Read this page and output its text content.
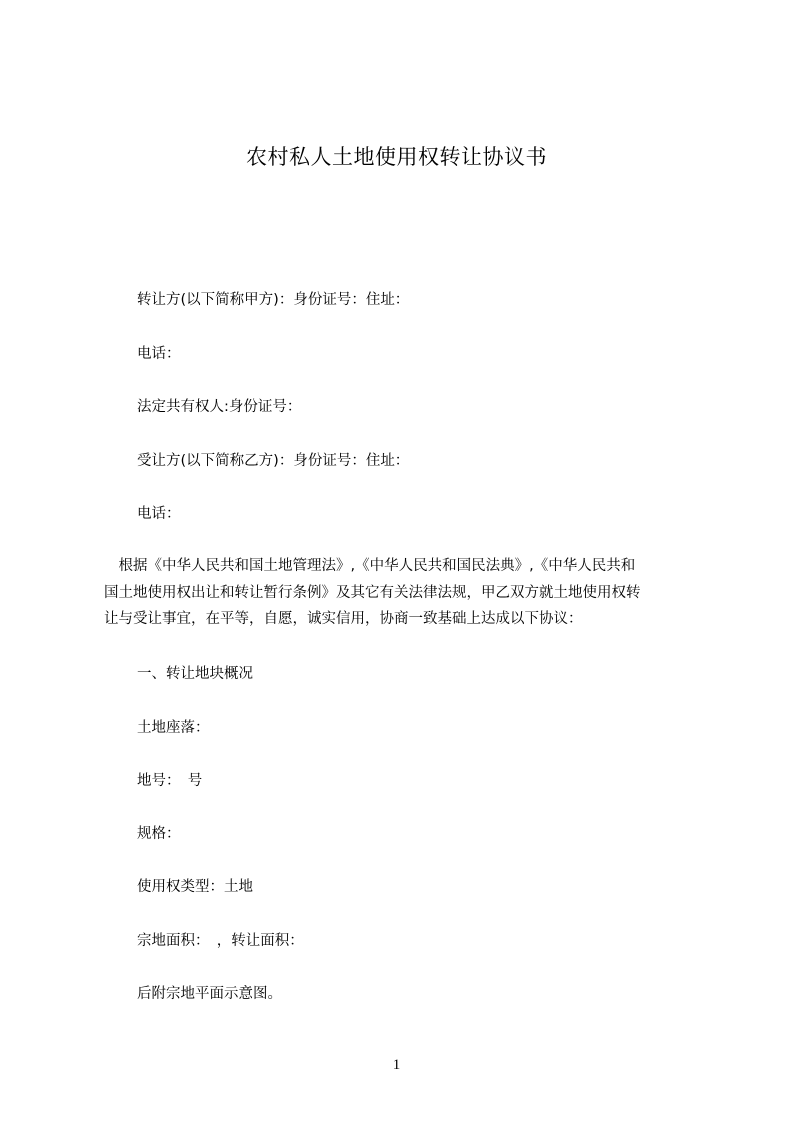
农村私人土地使用权转让协议书
转让方(以下简称甲方)：身份证号：住址：
电话：
法定共有权人:身份证号：
受让方(以下简称乙方)：身份证号：住址：
电话：
　根据《中华人民共和国土地管理法》,《中华人民共和国民法典》,《中华人民共和
国土地使用权出让和转让暂行条例》及其它有关法律法规，甲乙双方就土地使用权转
让与受让事宜，在平等，自愿，诚实信用，协商一致基础上达成以下协议：
一、转让地块概况
土地座落：
地号：　号
规格：
使用权类型：土地
宗地面积：　，转让面积：
后附宗地平面示意图。
1
